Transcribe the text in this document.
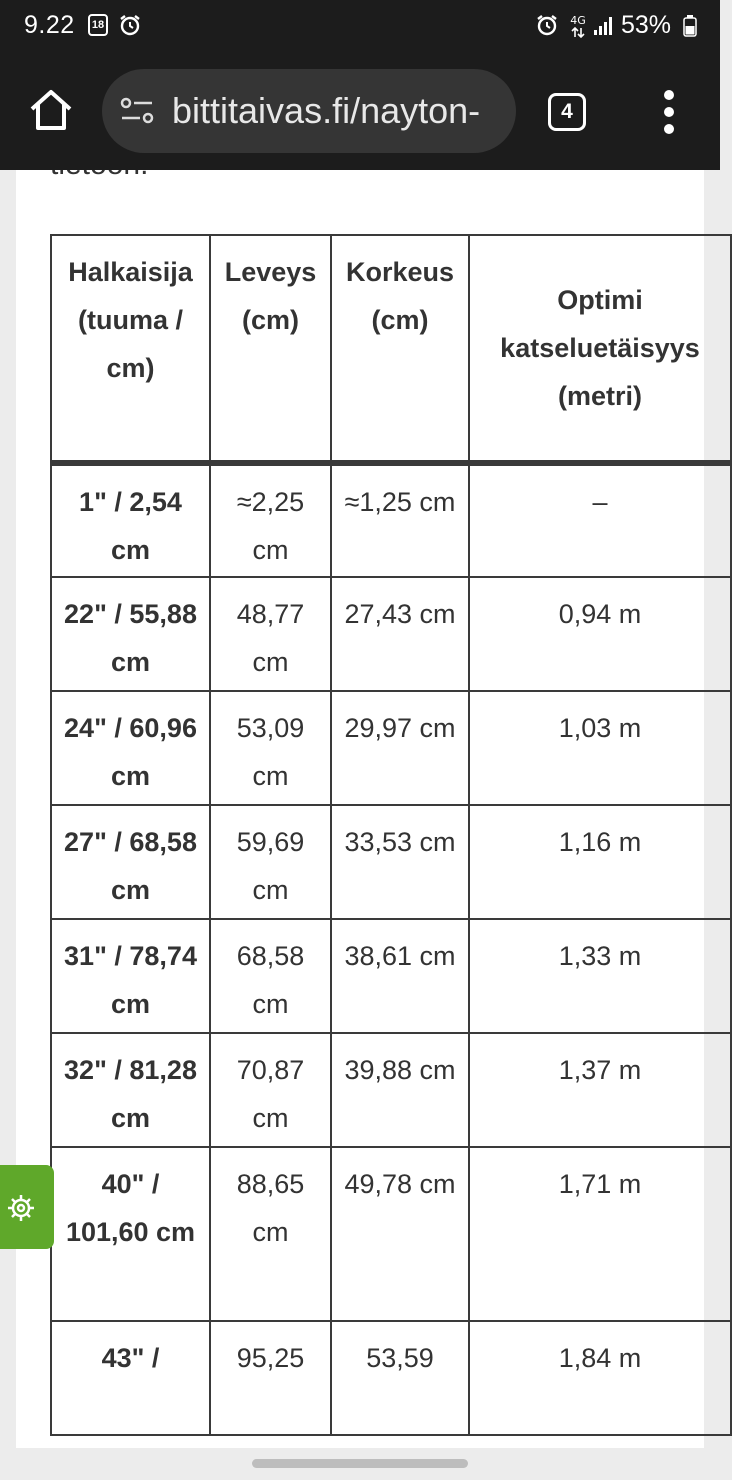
9.22	18	4G 53%
bittitaivas.fi/nayton-	4
Halkaisija (tuuma / cm)	Leveys (cm)	Korkeus (cm)	Optimi katseluetäisyys (metri)
1" / 2,54 cm	≈2,25 cm	≈1,25 cm	–
22" / 55,88 cm	48,77 cm	27,43 cm	0,94 m
24" / 60,96 cm	53,09 cm	29,97 cm	1,03 m
27" / 68,58 cm	59,69 cm	33,53 cm	1,16 m
31" / 78,74 cm	68,58 cm	38,61 cm	1,33 m
32" / 81,28 cm	70,87 cm	39,88 cm	1,37 m
40" / 101,60 cm	88,65 cm	49,78 cm	1,71 m
43" /	95,25	53,59	1,84 m
